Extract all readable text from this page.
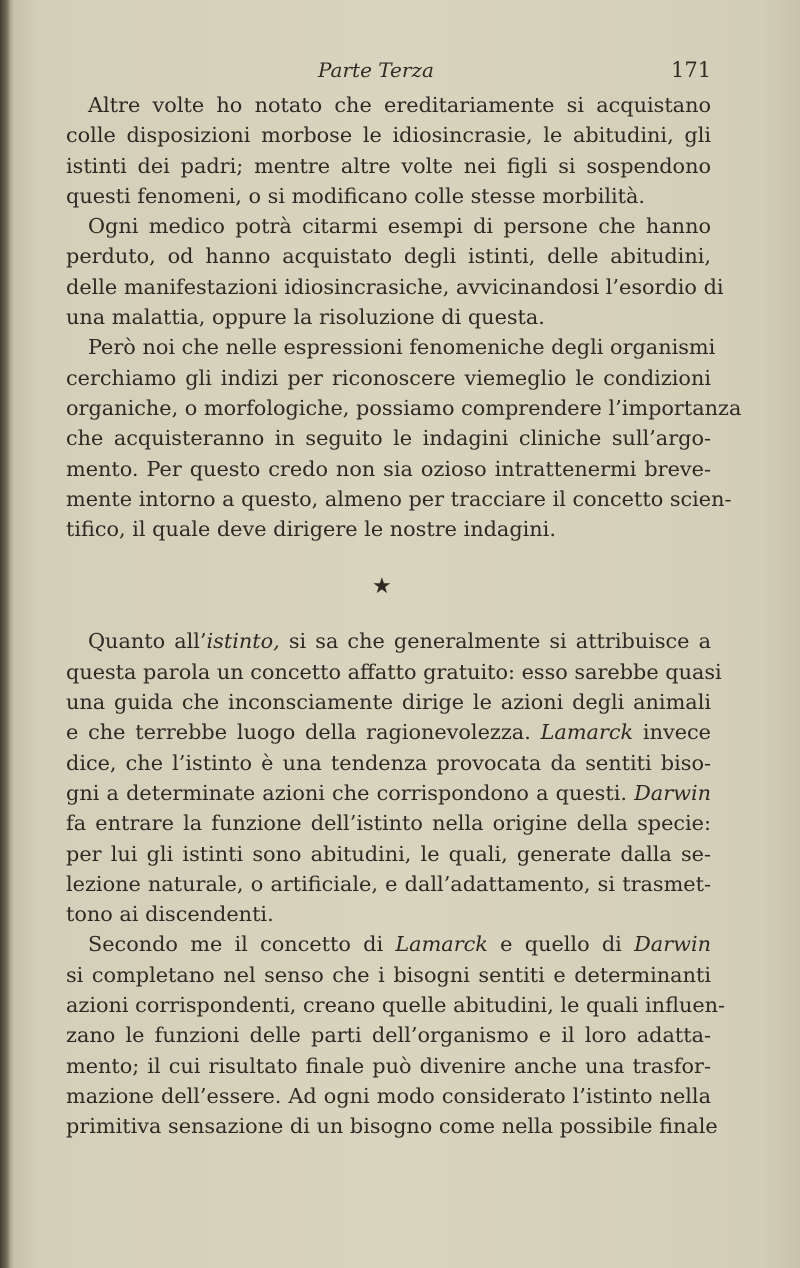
Parte Terza	171
Altre volte ho notato che ereditariamente si acquistano
colle disposizioni morbose le idiosincrasie, le abitudini, gli
istinti dei padri; mentre altre volte nei figli si sospendono
questi fenomeni, o si modificano colle stesse morbilità.
Ogni medico potrà citarmi esempi di persone che hanno
perduto, od hanno acquistato degli istinti, delle abitudini,
delle manifestazioni idiosincrasiche, avvicinandosi l’esordio di
una malattia, oppure la risoluzione di questa.
Però noi che nelle espressioni fenomeniche degli organismi
cerchiamo gli indizi per riconoscere viemeglio le condizioni
organiche, o morfologiche, possiamo comprendere l’importanza
che acquisteranno in seguito le indagini cliniche sull’argo-
mento. Per questo credo non sia ozioso intrattenermi breve-
mente intorno a questo, almeno per tracciare il concetto scien-
tifico, il quale deve dirigere le nostre indagini.
★
Quanto all’istinto, si sa che generalmente si attribuisce a
questa parola un concetto affatto gratuito: esso sarebbe quasi
una guida che inconsciamente dirige le azioni degli animali
e che terrebbe luogo della ragionevolezza. Lamarck invece
dice, che l’istinto è una tendenza provocata da sentiti biso-
gni a determinate azioni che corrispondono a questi. Darwin
fa entrare la funzione dell’istinto nella origine della specie:
per lui gli istinti sono abitudini, le quali, generate dalla se-
lezione naturale, o artificiale, e dall’adattamento, si trasmet-
tono ai discendenti.
Secondo me il concetto di Lamarck e quello di Darwin
si completano nel senso che i bisogni sentiti e determinanti
azioni corrispondenti, creano quelle abitudini, le quali influen-
zano le funzioni delle parti dell’organismo e il loro adatta-
mento; il cui risultato finale può divenire anche una trasfor-
mazione dell’essere. Ad ogni modo considerato l’istinto nella
primitiva sensazione di un bisogno come nella possibile finale
